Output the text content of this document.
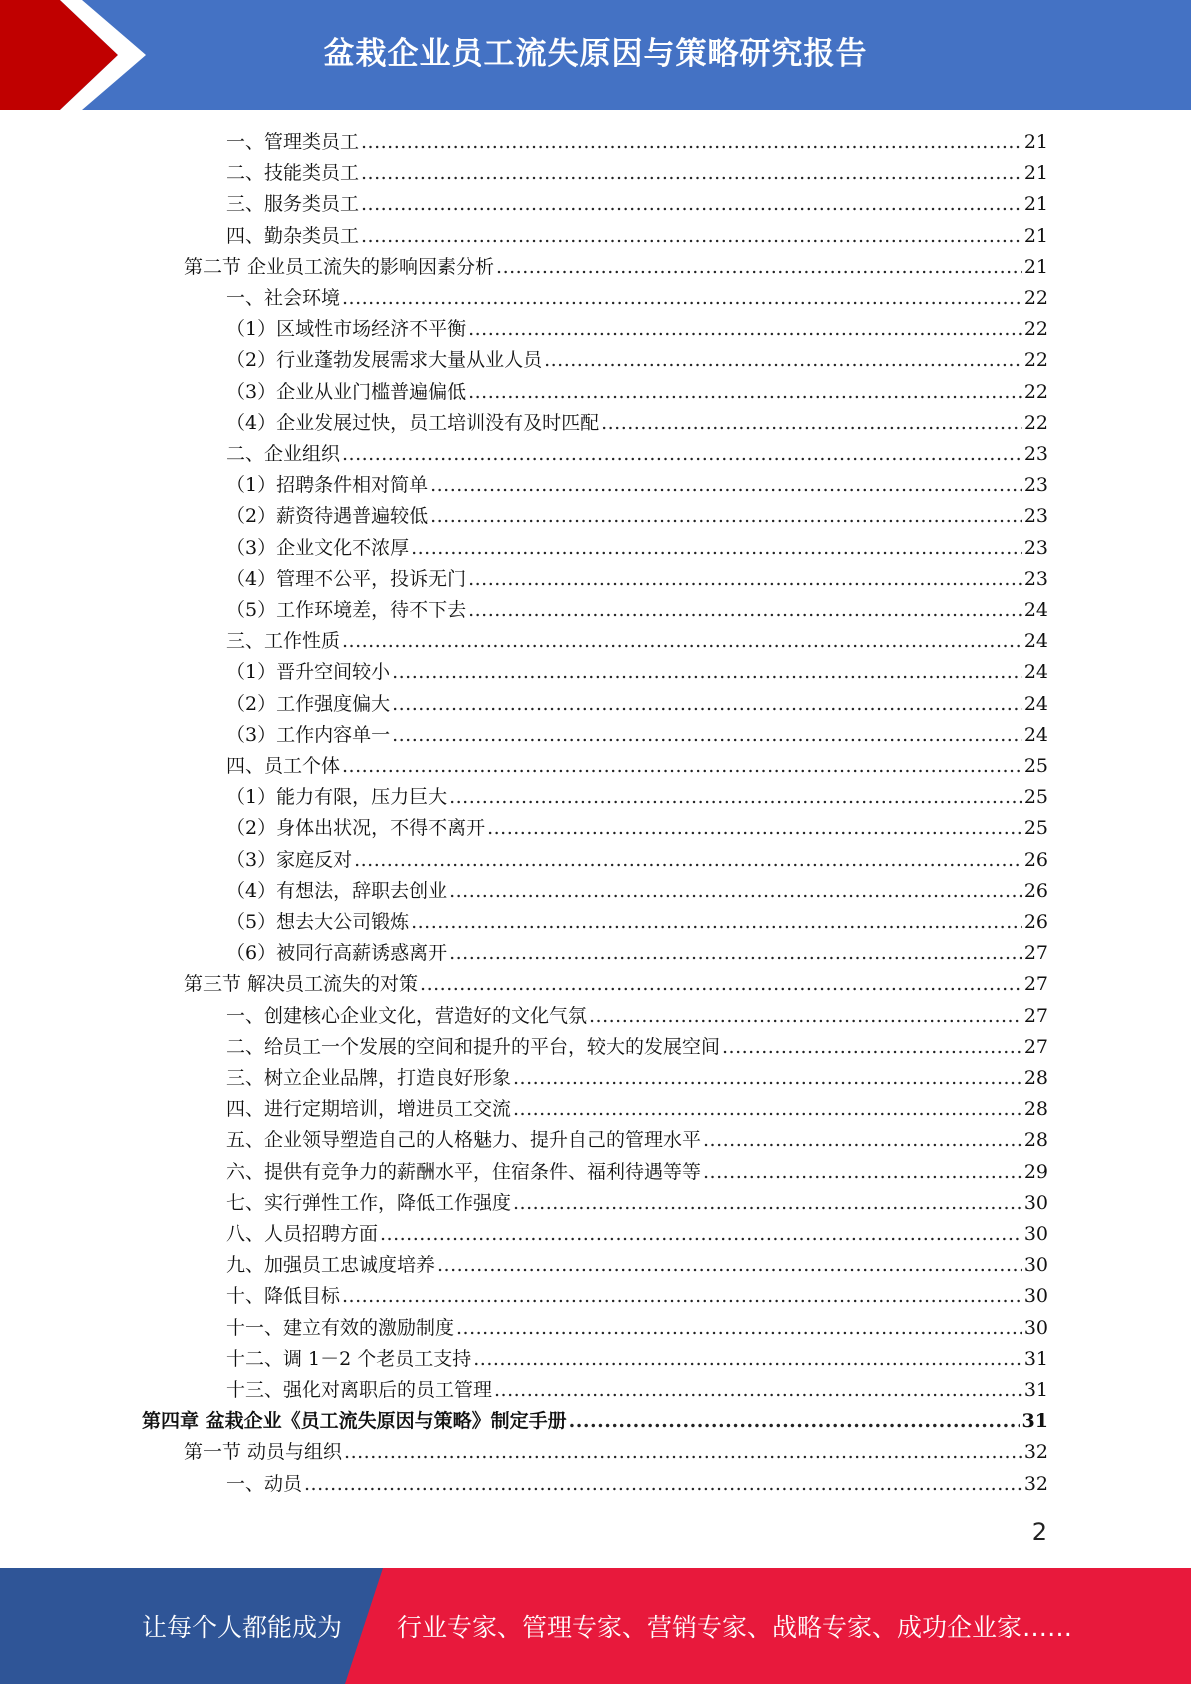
盆栽企业员工流失原因与策略研究报告
一、管理类员工 .....	21
二、技能类员工 .....	21
三、服务类员工 .....	21
四、勤杂类员工 .....	21
第二节 企业员工流失的影响因素分析 .....	21
一、社会环境 .....	22
（1）区域性市场经济不平衡 .....	22
（2）行业蓬勃发展需求大量从业人员 .....	22
（3）企业从业门槛普遍偏低 .....	22
（4）企业发展过快，员工培训没有及时匹配 .....	22
二、企业组织 .....	23
（1）招聘条件相对简单 .....	23
（2）薪资待遇普遍较低 .....	23
（3）企业文化不浓厚 .....	23
（4）管理不公平，投诉无门 .....	23
（5）工作环境差，待不下去 .....	24
三、工作性质 .....	24
（1）晋升空间较小 .....	24
（2）工作强度偏大 .....	24
（3）工作内容单一 .....	24
四、员工个体 .....	25
（1）能力有限，压力巨大 .....	25
（2）身体出状况，不得不离开 .....	25
（3）家庭反对 .....	26
（4）有想法，辞职去创业 .....	26
（5）想去大公司锻炼 .....	26
（6）被同行高薪诱惑离开 .....	27
第三节 解决员工流失的对策 .....	27
一、创建核心企业文化，营造好的文化气氛 .....	27
二、给员工一个发展的空间和提升的平台，较大的发展空间 .....	27
三、树立企业品牌，打造良好形象 .....	28
四、进行定期培训，增进员工交流 .....	28
五、企业领导塑造自己的人格魅力、提升自己的管理水平 .....	28
六、提供有竞争力的薪酬水平，住宿条件、福利待遇等等 .....	29
七、实行弹性工作，降低工作强度 .....	30
八、人员招聘方面 .....	30
九、加强员工忠诚度培养 .....	30
十、降低目标 .....	30
十一、建立有效的激励制度 .....	30
十二、调 1－2 个老员工支持 .....	31
十三、强化对离职后的员工管理 .....	31
第四章 盆栽企业《员工流失原因与策略》制定手册 .....	31
第一节 动员与组织 .....	32
一、动员 .....	32
2
让每个人都能成为 行业专家、管理专家、营销专家、战略专家、成功企业家……
